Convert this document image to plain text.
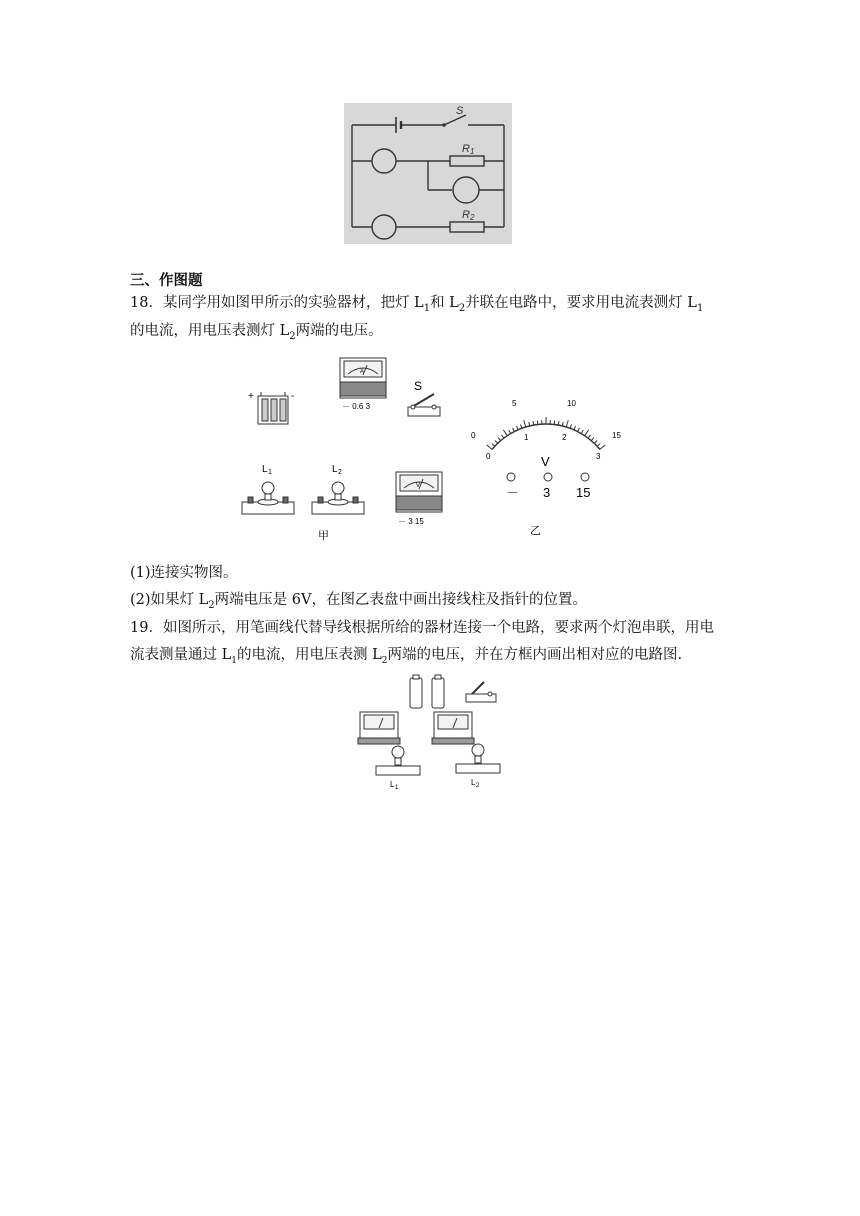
S
R 1
R 2
三、作图题
18．某同学用如图甲所示的实验器材，把灯 $L_1$和 $L_2$并联在电路中，要求用电流表测灯 $L_1$
的电流，用电压表测灯 $L_2$两端的电压。
+	-
A
－ 0.6 3
S
L 1	L 2
V
－ 3 15
甲
0
5	10
15
0
1	2
3
V
－ 3 15
乙
(1)连接实物图。
(2)如果灯 $L_2$两端电压是 6V，在图乙表盘中画出接线柱及指针的位置。
19．如图所示，用笔画线代替导线根据所给的器材连接一个电路，要求两个灯泡串联，用电
流表测量通过 $L_1$的电流，用电压表测 $L_2$两端的电压，并在方框内画出相对应的电路图.
L 1
L 2
